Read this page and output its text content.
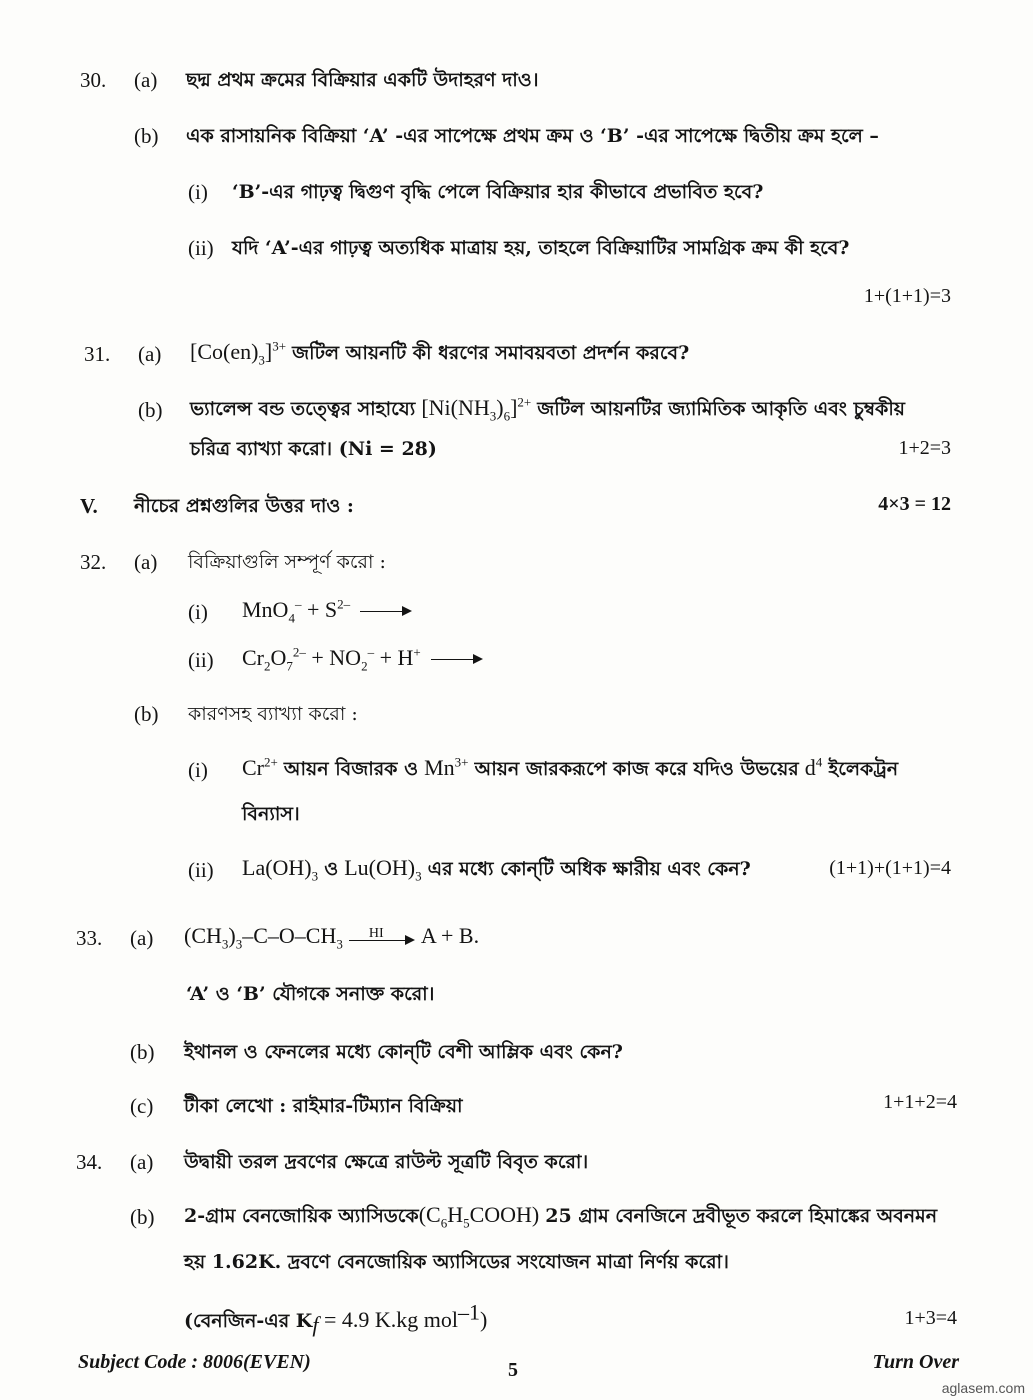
30. (a) ছদ্ম প্রথম ক্রমের বিক্রিয়ার একটি উদাহরণ দাও।
(b) এক রাসায়নিক বিক্রিয়া ‘A’ -এর সাপেক্ষে প্রথম ক্রম ও ‘B’ -এর সাপেক্ষে দ্বিতীয় ক্রম হলে –
(i) ‘B’-এর গাঢ়ত্ব দ্বিগুণ বৃদ্ধি পেলে বিক্রিয়ার হার কীভাবে প্রভাবিত হবে?
(ii) যদি ‘A’-এর গাঢ়ত্ব অত্যধিক মাত্রায় হয়, তাহলে বিক্রিয়াটির সামগ্রিক ক্রম কী হবে?
1+(1+1)=3
31. (a) $[Co(en)_3]^{3+}$ জটিল আয়নটি কী ধরণের সমাবয়বতা প্রদর্শন করবে?
(b) ভ্যালেন্স বন্ড তত্ত্বের সাহায্যে $[Ni(NH_3)_6]^{2+}$ জটিল আয়নটির জ্যামিতিক আকৃতি এবং চুম্বকীয়
চরিত্র ব্যাখ্যা করো। (Ni = 28)	1+2=3
V. নীচের প্রশ্নগুলির উত্তর দাও :	4×3 = 12
32. (a) বিক্রিয়াগুলি সম্পূর্ণ করো :
(i) $MnO_4^- + S^{2-}$
(ii) $Cr_2O_7^{2-} + NO_2^- + H^+$
(b) কারণসহ ব্যাখ্যা করো :
(i) $Cr^{2+}$ আয়ন বিজারক ও $Mn^{3+}$ আয়ন জারকরূপে কাজ করে যদিও উভয়ের $d^4$ ইলেকট্রন
বিন্যাস।
(ii) $La(OH)_3$ ও $Lu(OH)_3$ এর মধ্যে কোন্‌টি অধিক ক্ষারীয় এবং কেন?	(1+1)+(1+1)=4
33. (a) $(CH_3)_3-C-O-CH_3$
HI A + B.
‘A’ ও ‘B’ যৌগকে সনাক্ত করো।
(b) ইথানল ও ফেনলের মধ্যে কোন্‌টি বেশী আম্লিক এবং কেন?
(c) টীকা লেখো : রাইমার-টিম্যান বিক্রিয়া	1+1+2=4
34. (a) উদ্বায়ী তরল দ্রবণের ক্ষেত্রে রাউল্ট সূত্রটি বিবৃত করো।
(b) 2-গ্রাম বেনজোয়িক $অ্যাসিডকে(C_6H_5COOH)$ 25 গ্রাম বেনজিনে দ্রবীভূত করলে হিমাঙ্কের অবনমন
হয় 1.62K. দ্রবণে বেনজোয়িক অ্যাসিডের সংযোজন মাত্রা নির্ণয় করো।
(বেনজিন-এর $K_f = 4.9$ K.kg mol$^{-1}$)	1+3=4
Subject Code : 8006(EVEN)	5	Turn Over
aglasem.com
